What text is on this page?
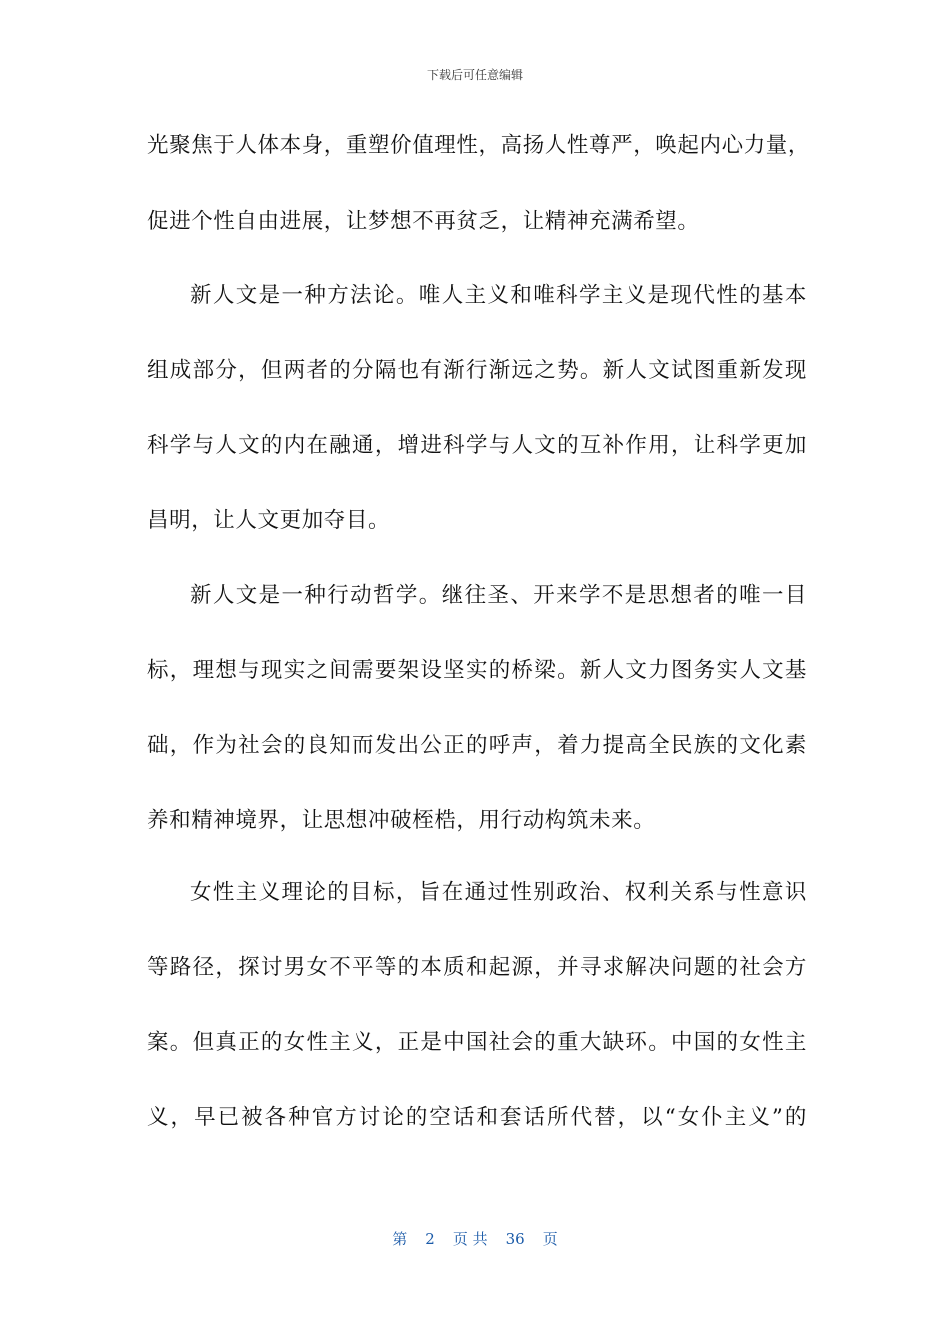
下载后可任意编辑
光聚焦于人体本身，重塑价值理性，高扬人性尊严，唤起内心力量，
促进个性自由进展，让梦想不再贫乏，让精神充满希望。
新人文是一种方法论。唯人主义和唯科学主义是现代性的基本
组成部分，但两者的分隔也有渐行渐远之势。新人文试图重新发现
科学与人文的内在融通，增进科学与人文的互补作用，让科学更加
昌明，让人文更加夺目。
新人文是一种行动哲学。继往圣、开来学不是思想者的唯一目
标，理想与现实之间需要架设坚实的桥梁。新人文力图务实人文基
础，作为社会的良知而发出公正的呼声，着力提高全民族的文化素
养和精神境界，让思想冲破桎梏，用行动构筑未来。
女性主义理论的目标，旨在通过性别政治、权利关系与性意识
等路径，探讨男女不平等的本质和起源，并寻求解决问题的社会方
案。但真正的女性主义，正是中国社会的重大缺环。中国的女性主
义，早已被各种官方讨论的空话和套话所代替，以“女仆主义”的
第 2 页 共 36 页
